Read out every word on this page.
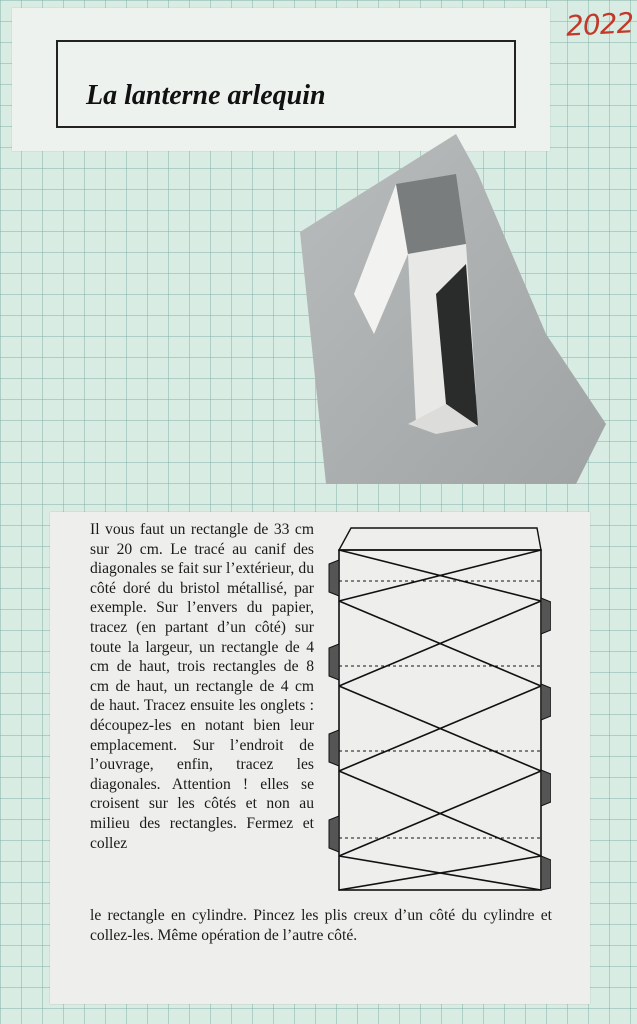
2022
La lanterne arlequin
Il vous faut un rectangle de 33 cm sur 20 cm. Le tracé au canif des diagonales se fait sur l’extérieur, du côté doré du bristol métallisé, par exemple. Sur l’envers du papier, tracez (en partant d’un côté) sur toute la largeur, un rectangle de 4 cm de haut, trois rectangles de 8 cm de haut, un rectangle de 4 cm de haut. Tracez ensuite les onglets : découpez-les en notant bien leur emplacement. Sur l’endroit de l’ouvrage, enfin, tracez les diagonales. Attention ! elles se croisent sur les côtés et non au milieu des rectangles. Fermez et collez
le rectangle en cylindre. Pincez les plis creux d’un côté du cylindre et collez-les. Même opération de l’autre côté.
